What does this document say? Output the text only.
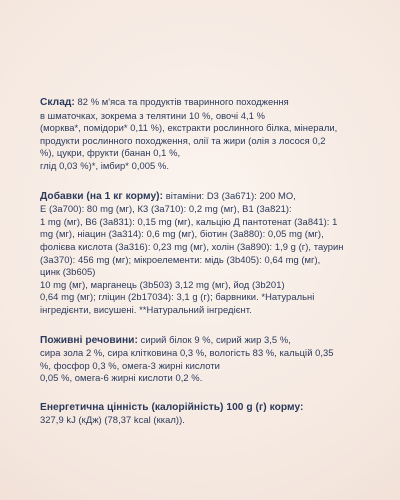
Склад: 82 % м'яса та продуктів тваринного походження
в шматочках, зокрема з телятини 10 %, овочі 4,1 %
(морква*, помідори* 0,11 %), екстракти рослинного білка, мінерали,
продукти рослинного походження, олії та жири (олія з лосося 0,2
%), цукри, фрукти (банан 0,1 %,
глід 0,03 %)*, імбир* 0,005 %.
Добавки (на 1 кг корму): вітаміни: D3 (3a671): 200 МО,
Е (3a700): 80 mg (мг), К3 (3a710): 0,2 mg (мг), В1 (3a821):
1 mg (мг), В6 (3a831): 0,15 mg (мг), кальцію Д пантотенат (3a841): 1
mg (мг), ніацин (3a314): 0,6 mg (мг), біотин (3a880): 0,05 mg (мг),
фолієва кислота (3a316): 0,23 mg (мг), холін (3a890): 1,9 g (г), таурин
(3a370): 456 mg (мг); мікроелементи: мідь (3b405): 0,64 mg (мг),
цинк (3b605)
10 mg (мг), марганець (3b503) 3,12 mg (мг), йод (3b201)
0,64 mg (мг); гліцин (2b17034): 3,1 g (г); барвники. *Натуральні
інгредієнти, висушені. **Натуральний інгредієнт.
Поживні речовини: сирий білок 9 %, сирий жир 3,5 %,
сира зола 2 %, сира клітковина 0,3 %, вологість 83 %, кальцій 0,35
%, фосфор 0,3 %, омега-3 жирні кислоти
0,05 %, омега-6 жирні кислоти 0,2 %.
Енергетична цінність (калорійність) 100 g (г) корму:
327,9 kJ (кДж) (78,37 kcal (ккал)).
